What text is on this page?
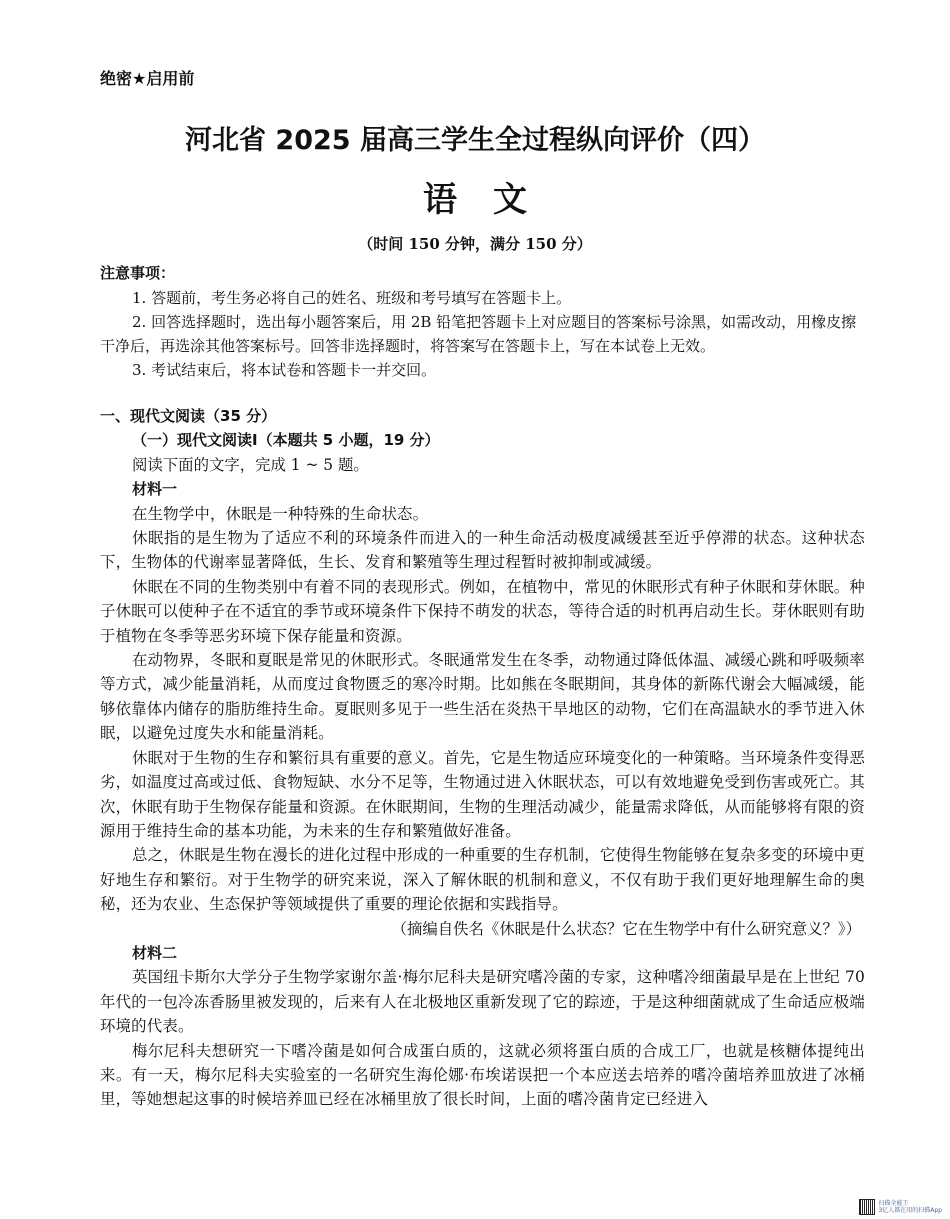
绝密★启用前
河北省 2025 届高三学生全过程纵向评价（四）
语文
（时间 150 分钟，满分 150 分）
注意事项：

1. 答题前，考生务必将自己的姓名、班级和考号填写在答题卡上。

2. 回答选择题时，选出每小题答案后，用 2B 铅笔把答题卡上对应题目的答案标号涂黑，如需改动，用橡皮擦干净后，再选涂其他答案标号。回答非选择题时，将答案写在答题卡上，写在本试卷上无效。

3. 考试结束后，将本试卷和答题卡一并交回。

一、现代文阅读（35 分）

（一）现代文阅读Ⅰ（本题共 5 小题，19 分）

阅读下面的文字，完成 1 ~ 5 题。

材料一

在生物学中，休眠是一种特殊的生命状态。

休眠指的是生物为了适应不利的环境条件而进入的一种生命活动极度减缓甚至近乎停滞的状态。这种状态下，生物体的代谢率显著降低，生长、发育和繁殖等生理过程暂时被抑制或减缓。

休眠在不同的生物类别中有着不同的表现形式。例如，在植物中，常见的休眠形式有种子休眠和芽休眠。种子休眠可以使种子在不适宜的季节或环境条件下保持不萌发的状态，等待合适的时机再启动生长。芽休眠则有助于植物在冬季等恶劣环境下保存能量和资源。

在动物界，冬眠和夏眠是常见的休眠形式。冬眠通常发生在冬季，动物通过降低体温、减缓心跳和呼吸频率等方式，减少能量消耗，从而度过食物匮乏的寒冷时期。比如熊在冬眠期间，其身体的新陈代谢会大幅减缓，能够依靠体内储存的脂肪维持生命。夏眠则多见于一些生活在炎热干旱地区的动物，它们在高温缺水的季节进入休眠，以避免过度失水和能量消耗。

休眠对于生物的生存和繁衍具有重要的意义。首先，它是生物适应环境变化的一种策略。当环境条件变得恶劣，如温度过高或过低、食物短缺、水分不足等，生物通过进入休眠状态，可以有效地避免受到伤害或死亡。其次，休眠有助于生物保存能量和资源。在休眠期间，生物的生理活动减少，能量需求降低，从而能够将有限的资源用于维持生命的基本功能，为未来的生存和繁殖做好准备。

总之，休眠是生物在漫长的进化过程中形成的一种重要的生存机制，它使得生物能够在复杂多变的环境中更好地生存和繁衍。对于生物学的研究来说，深入了解休眠的机制和意义，不仅有助于我们更好地理解生命的奥秘，还为农业、生态保护等领域提供了重要的理论依据和实践指导。

（摘编自佚名《休眠是什么状态？它在生物学中有什么研究意义？》）

材料二

英国纽卡斯尔大学分子生物学家谢尔盖·梅尔尼科夫是研究嗜冷菌的专家，这种嗜冷细菌最早是在上世纪 70 年代的一包冷冻香肠里被发现的，后来有人在北极地区重新发现了它的踪迹，于是这种细菌就成了生命适应极端环境的代表。

梅尔尼科夫想研究一下嗜冷菌是如何合成蛋白质的，这就必须将蛋白质的合成工厂，也就是核糖体提纯出来。有一天，梅尔尼科夫实验室的一名研究生海伦娜·布埃诺误把一个本应送去培养的嗜冷菌培养皿放进了冰桶里，等她想起这事的时候培养皿已经在冰桶里放了很长时间，上面的嗜冷菌肯定已经进入

扫描全能王
3亿人都在用的扫描App
